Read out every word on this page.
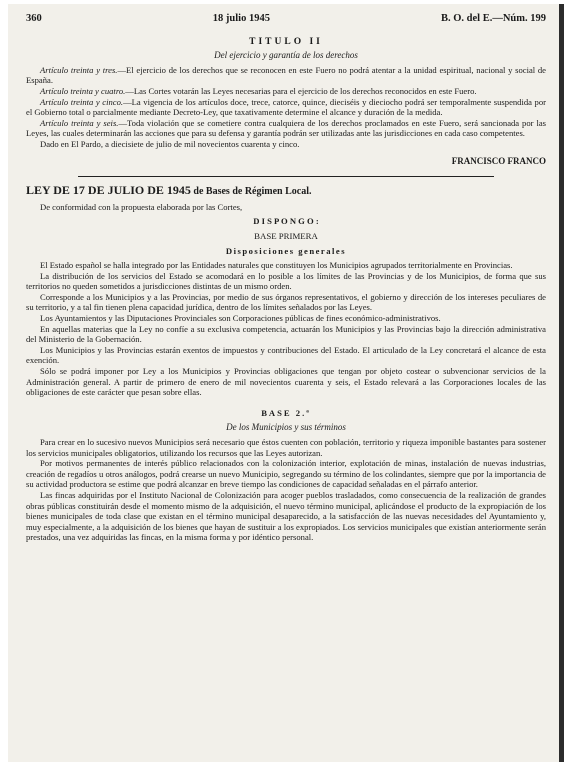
360	18 julio 1945	B. O. del E.—Núm. 199
TITULO II
Del ejercicio y garantía de los derechos

Artículo treinta y tres.—El ejercicio de los derechos que se reconocen en este Fuero no podrá atentar a la unidad espiritual, nacional y social de España.

Artículo treinta y cuatro.—Las Cortes votarán las Leyes necesarias para el ejercicio de los derechos reconocidos en este Fuero.

Artículo treinta y cinco.—La vigencia de los artículos doce, trece, catorce, quince, dieciséis y dieciocho podrá ser temporalmente suspendida por el Gobierno total o parcialmente mediante Decreto-Ley, que taxativamente determine el alcance y duración de la medida.

Artículo treinta y seis.—Toda violación que se cometiere contra cualquiera de los derechos proclamados en este Fuero, será sancionada por las Leyes, las cuales determinarán las acciones que para su defensa y garantía podrán ser utilizadas ante las jurisdicciones en cada caso competentes.

Dado en El Pardo, a diecisiete de julio de mil novecientos cuarenta y cinco.

FRANCISCO FRANCO
LEY DE 17 DE JULIO DE 1945 de Bases de Régimen Local.

De conformidad con la propuesta elaborada por las Cortes,

D I S P O N G O :
BASE PRIMERA
Disposiciones generales

El Estado español se halla integrado por las Entidades naturales que constituyen los Municipios agrupados territorialmente en Provincias.

La distribución de los servicios del Estado se acomodará en lo posible a los límites de las Provincias y de los Municipios, de forma que sus territorios no queden sometidos a jurisdicciones distintas de un mismo orden.

Corresponde a los Municipios y a las Provincias, por medio de sus órganos representativos, el gobierno y dirección de los intereses peculiares de su territorio, y a tal fin tienen plena capacidad jurídica, dentro de los límites señalados por las Leyes.

Los Ayuntamientos y las Diputaciones Provinciales son Corporaciones públicas de fines económico-administrativos.

En aquellas materias que la Ley no confíe a su exclusiva competencia, actuarán los Municipios y las Provincias bajo la dirección administrativa del Ministerio de la Gobernación.

Los Municipios y las Provincias estarán exentos de impuestos y contribuciones del Estado. El articulado de la Ley concretará el alcance de esta exención.

Sólo se podrá imponer por Ley a los Municipios y Provincias obligaciones que tengan por objeto costear o subvencionar servicios de la Administración general. A partir de primero de enero de mil novecientos cuarenta y seis, el Estado relevará a las Corporaciones locales de las obligaciones de este carácter que pesan sobre ellas.

BASE 2.ª
De los Municipios y sus términos

Para crear en lo sucesivo nuevos Municipios será necesario que éstos cuenten con población, territorio y riqueza imponible bastantes para sostener los servicios municipales obligatorios, utilizando los recursos que las Leyes autorizan.

Por motivos permanentes de interés público relacionados con la colonización interior, explotación de minas, instalación de nuevas industrias, creación de regadíos u otros análogos, podrá crearse un nuevo Municipio, segregando su término de los colindantes, siempre que por la importancia de su actividad productora se estime que podrá alcanzar en breve tiempo las condiciones de capacidad señaladas en el párrafo anterior.

Las fincas adquiridas por el Instituto Nacional de Colonización para acoger pueblos trasladados, como consecuencia de la realización de grandes obras públicas constituirán desde el momento mismo de la adquisición, el nuevo término municipal, aplicándose el producto de la expropiación de los bienes municipales de toda clase que existan en el término municipal desaparecido, a la satisfacción de las nuevas necesidades del Ayuntamiento y, muy especialmente, a la adquisición de los bienes que hayan de sustituir a los expropiados. Los servicios municipales que existían anteriormente serán prestados, una vez adquiridas las fincas, en la misma forma y por idéntico personal.
